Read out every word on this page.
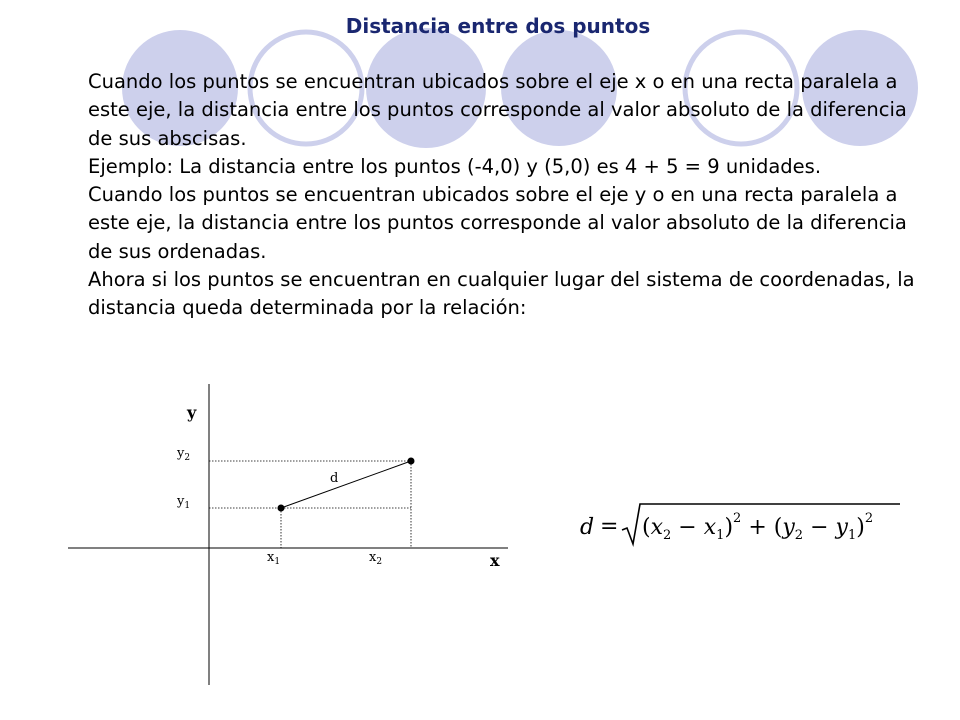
Distancia entre dos puntos

Cuando los puntos se encuentran ubicados sobre el eje x o en una recta paralela a este eje, la distancia entre los puntos corresponde al valor absoluto de la diferencia de sus abscisas.

Ejemplo: La distancia entre los puntos (-4,0) y (5,0) es 4 + 5 = 9 unidades.

Cuando los puntos se encuentran ubicados sobre el eje y o en una recta paralela a este eje, la distancia entre los puntos corresponde al valor absoluto de la diferencia de sus ordenadas.

Ahora si los puntos se encuentran en cualquier lugar del sistema de coordenadas, la distancia queda determinada por la relación:

y
x
d
$y_2$
$y_1$
$x_1$	$x_2$
$d = (x_2 - x_1)^2 + (y_2 - y_1)^2$
